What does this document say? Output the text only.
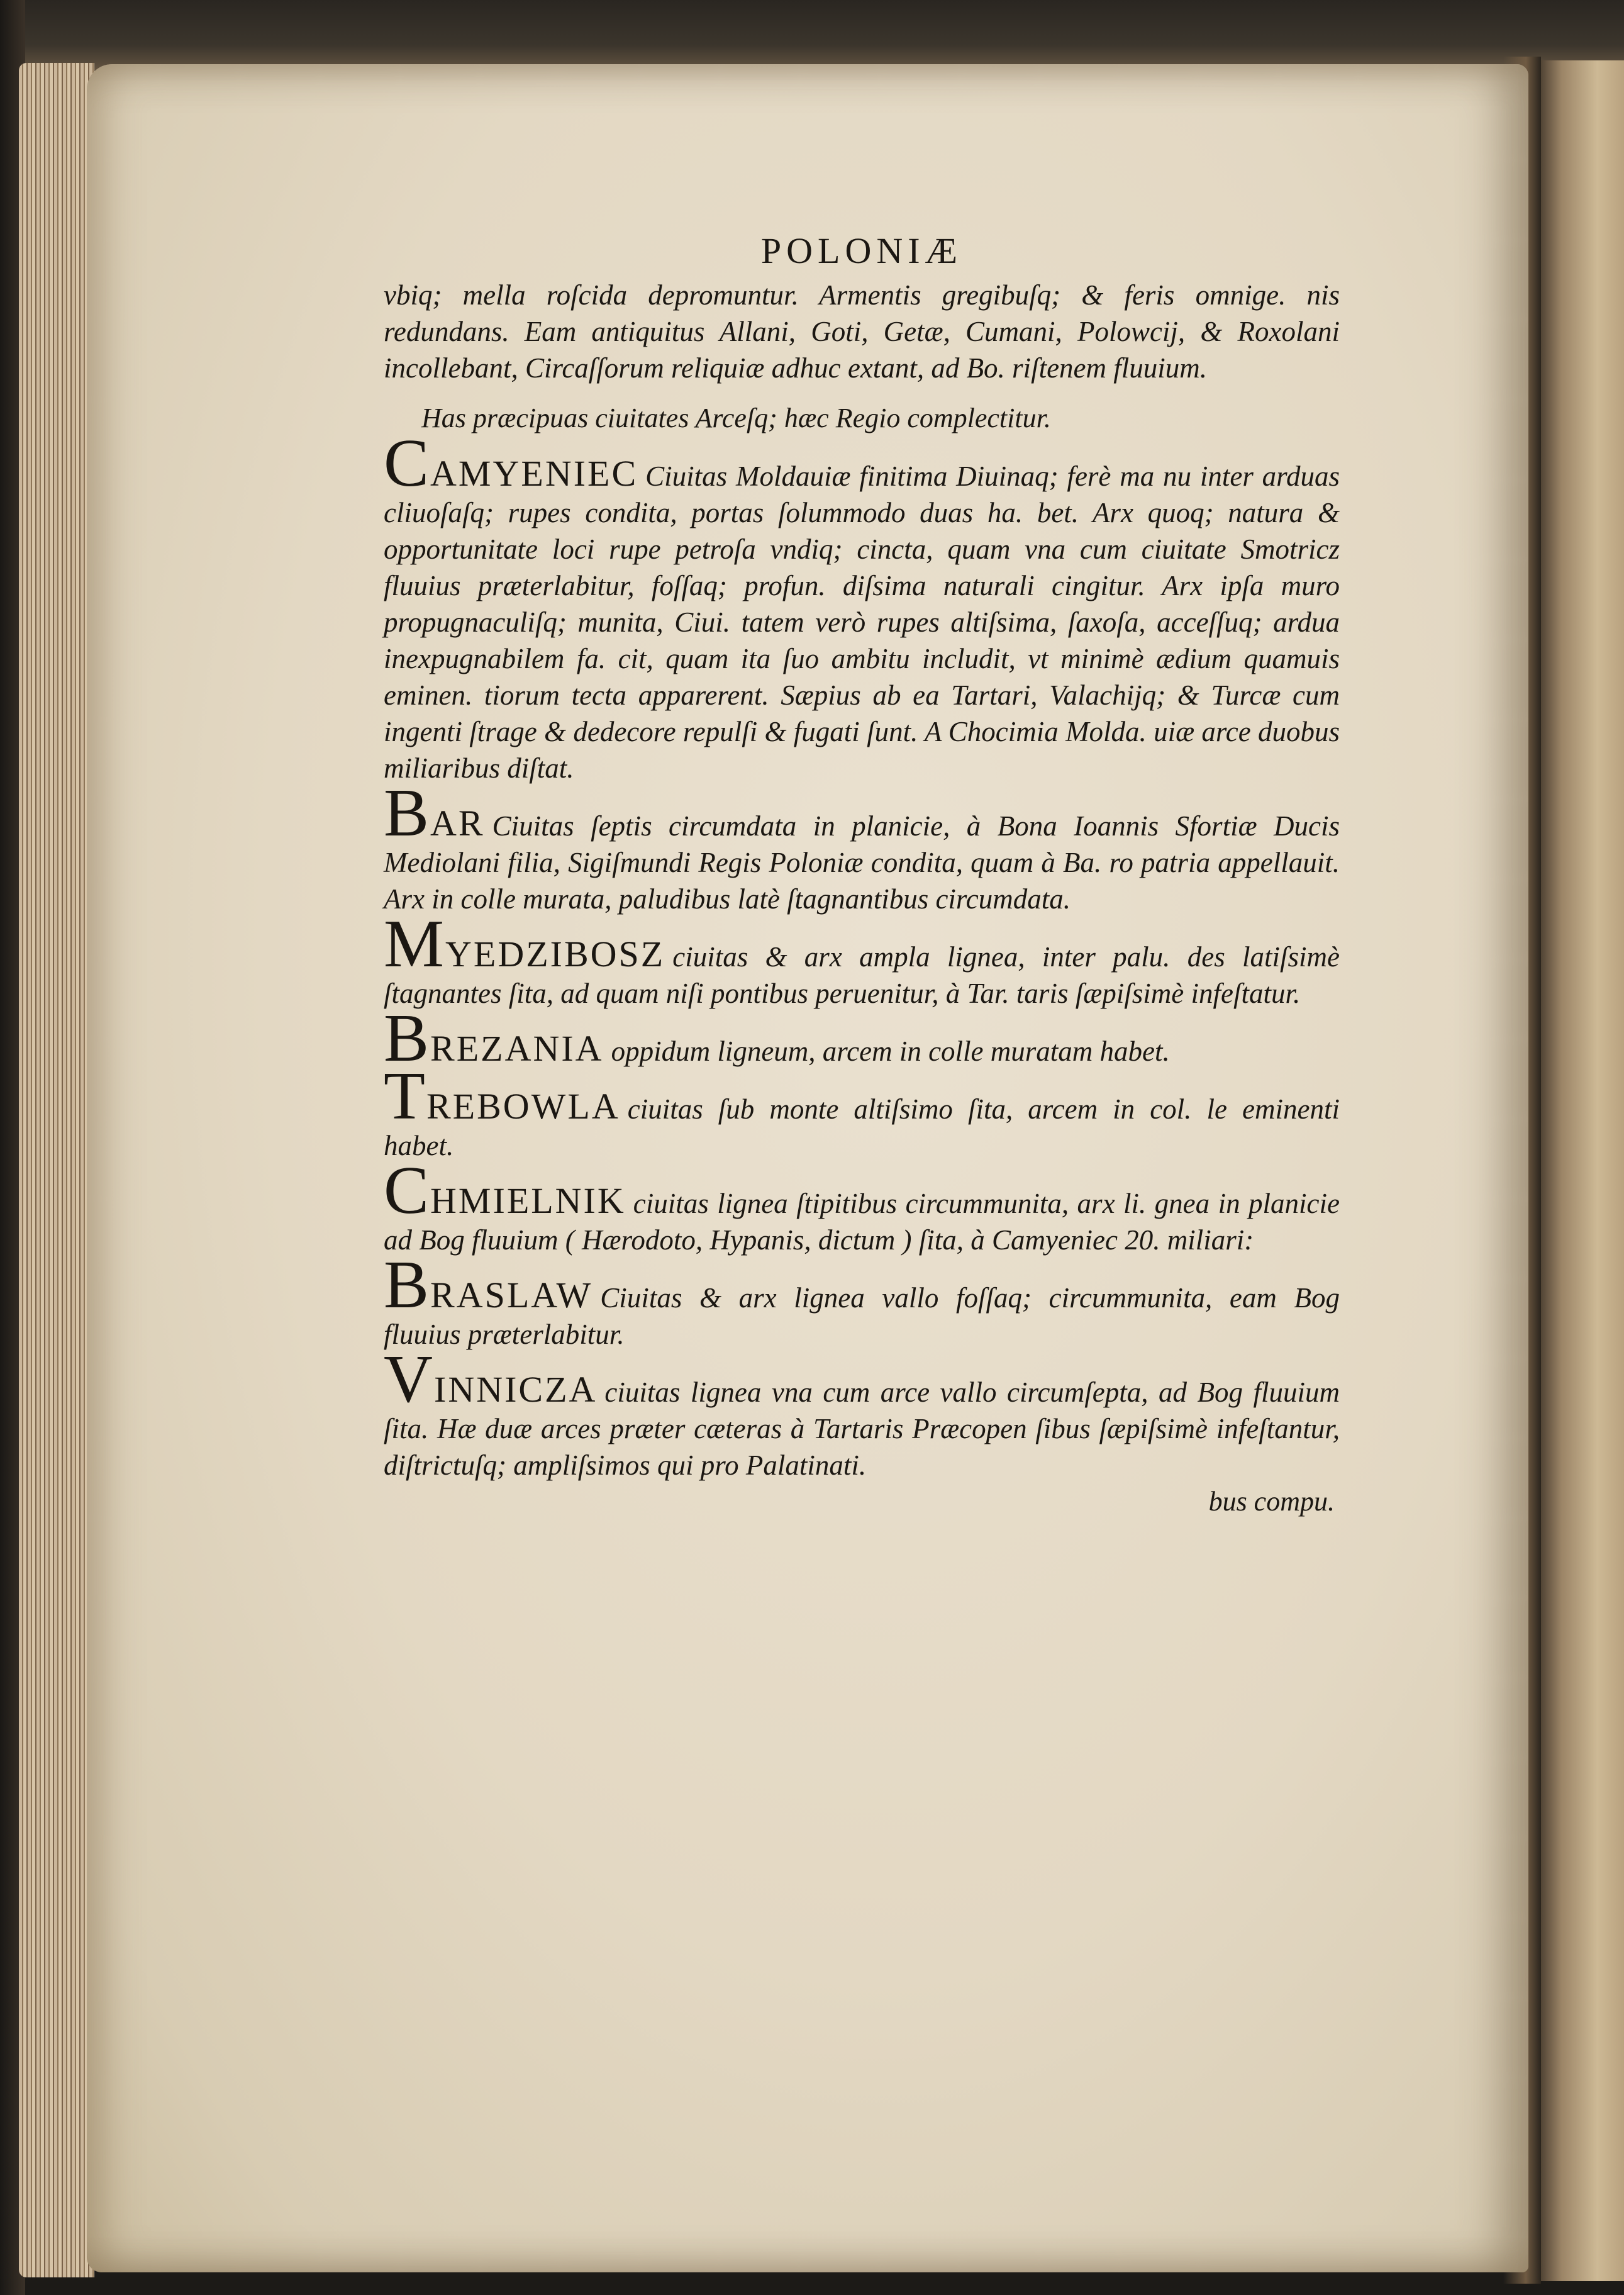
POLONIÆ

vbiq; mella roſcida depromuntur. Armentis gregibuſq; & feris omnige. nis redundans. Eam antiquitus Allani, Goti, Getæ, Cumani, Polowcij, & Roxolani incollebant, Circaſſorum reliquiæ adhuc extant, ad Bo. riſtenem fluuium.

Has præcipuas ciuitates Arceſq; hæc Regio complectitur.

CAMYENIEC Ciuitas Moldauiæ finitima Diuinaq; ferè ma nu inter arduas cliuoſaſq; rupes condita, portas ſolummodo duas ha. bet. Arx quoq; natura & opportunitate loci rupe petroſa vndiq; cincta, quam vna cum ciuitate Smotricz fluuius præterlabitur, foſſaq; profun. diſsima naturali cingitur. Arx ipſa muro propugnaculiſq; munita, Ciui. tatem verò rupes altiſsima, ſaxoſa, acceſſuq; ardua inexpugnabilem fa. cit, quam ita ſuo ambitu includit, vt minimè ædium quamuis eminen. tiorum tecta apparerent. Sæpius ab ea Tartari, Valachijq; & Turcæ cum ingenti ſtrage & dedecore repulſi & fugati ſunt. A Chocimia Molda. uiæ arce duobus miliaribus diſtat.

BAR Ciuitas ſeptis circumdata in planicie, à Bona Ioannis Sfortiæ Ducis Mediolani filia, Sigiſmundi Regis Poloniæ condita, quam à Ba. ro patria appellauit. Arx in colle murata, paludibus latè ſtagnantibus circumdata.

MYEDZIBOSZ ciuitas & arx ampla lignea, inter palu. des latiſsimè ſtagnantes ſita, ad quam niſi pontibus peruenitur, à Tar. taris ſæpiſsimè infeſtatur.

BREZANIA oppidum ligneum, arcem in colle muratam habet.

TREBOWLA ciuitas ſub monte altiſsimo ſita, arcem in col. le eminenti habet.

CHMIELNIK ciuitas lignea ſtipitibus circummunita, arx li. gnea in planicie ad Bog fluuium ( Hærodoto, Hypanis, dictum ) ſita, à Camyeniec 20. miliari:

BRASLAW Ciuitas & arx lignea vallo foſſaq; circummunita, eam Bog fluuius præterlabitur.

VINNICZA ciuitas lignea vna cum arce vallo circumſepta, ad Bog fluuium ſita. Hæ duæ arces præter cæteras à Tartaris Præcopen ſibus ſæpiſsimè infeſtantur, diſtrictuſq; ampliſsimos qui pro Palatinati.

bus compu.
